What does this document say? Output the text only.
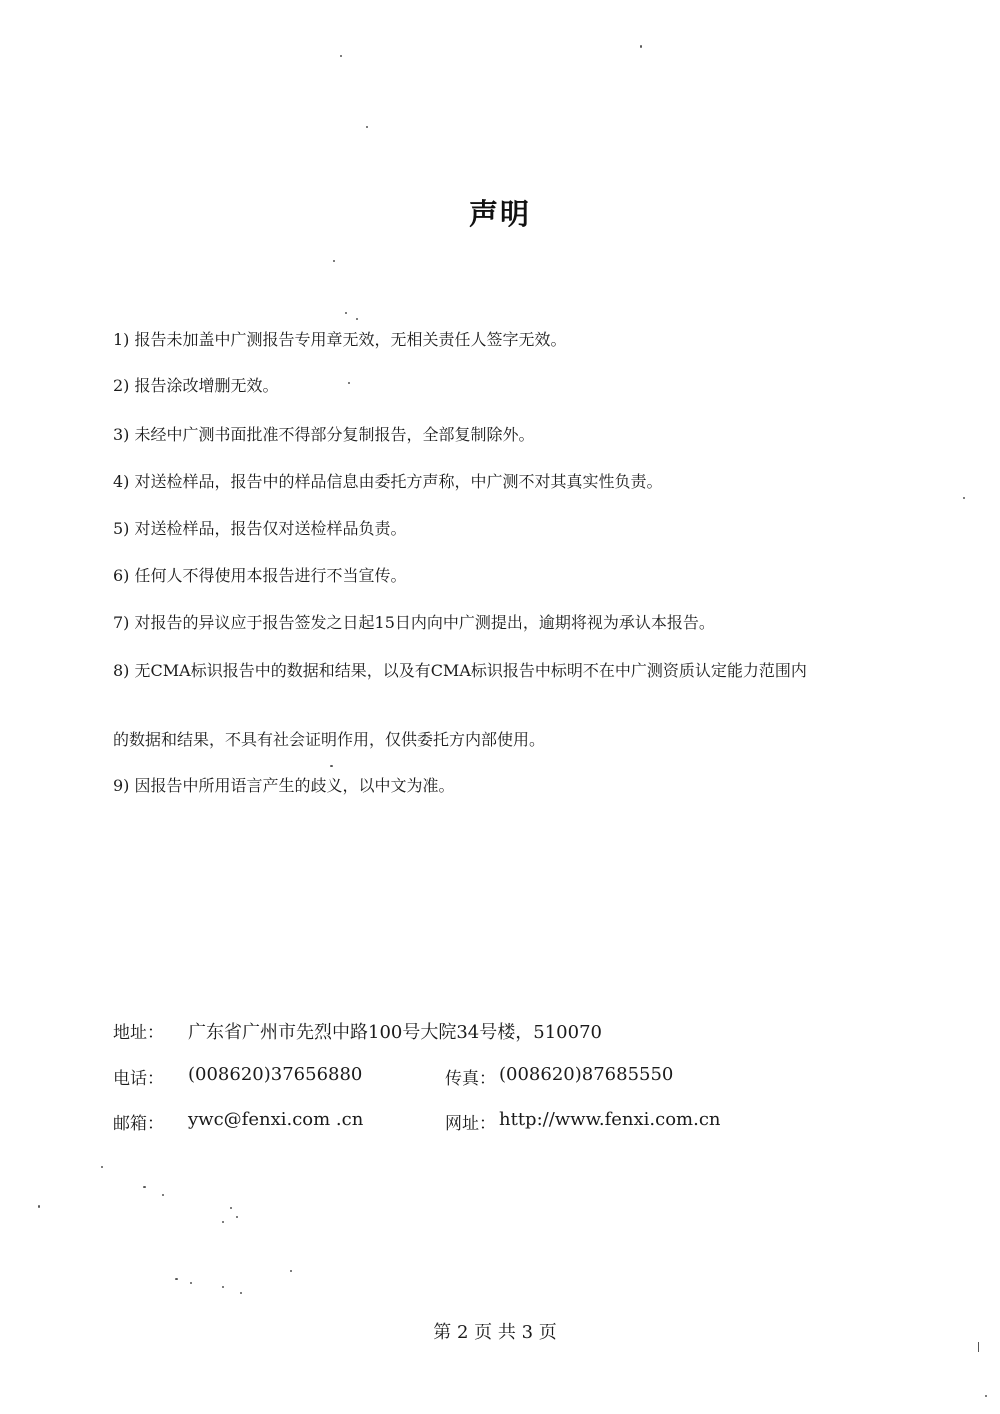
声明
1) 报告未加盖中广测报告专用章无效，无相关责任人签字无效。
2) 报告涂改增删无效。
3) 未经中广测书面批准不得部分复制报告，全部复制除外。
4) 对送检样品，报告中的样品信息由委托方声称，中广测不对其真实性负责。
5) 对送检样品，报告仅对送检样品负责。
6) 任何人不得使用本报告进行不当宣传。
7) 对报告的异议应于报告签发之日起15日内向中广测提出，逾期将视为承认本报告。
8) 无CMA标识报告中的数据和结果，以及有CMA标识报告中标明不在中广测资质认定能力范围内
的数据和结果，不具有社会证明作用，仅供委托方内部使用。
9) 因报告中所用语言产生的歧义，以中文为准。
地址： 广东省广州市先烈中路100号大院34号楼，510070
电话： (008620)37656880	传真： (008620)87685550
邮箱： ywc@fenxi.com .cn	网址： http://www.fenxi.com.cn
第 2 页 共 3 页
